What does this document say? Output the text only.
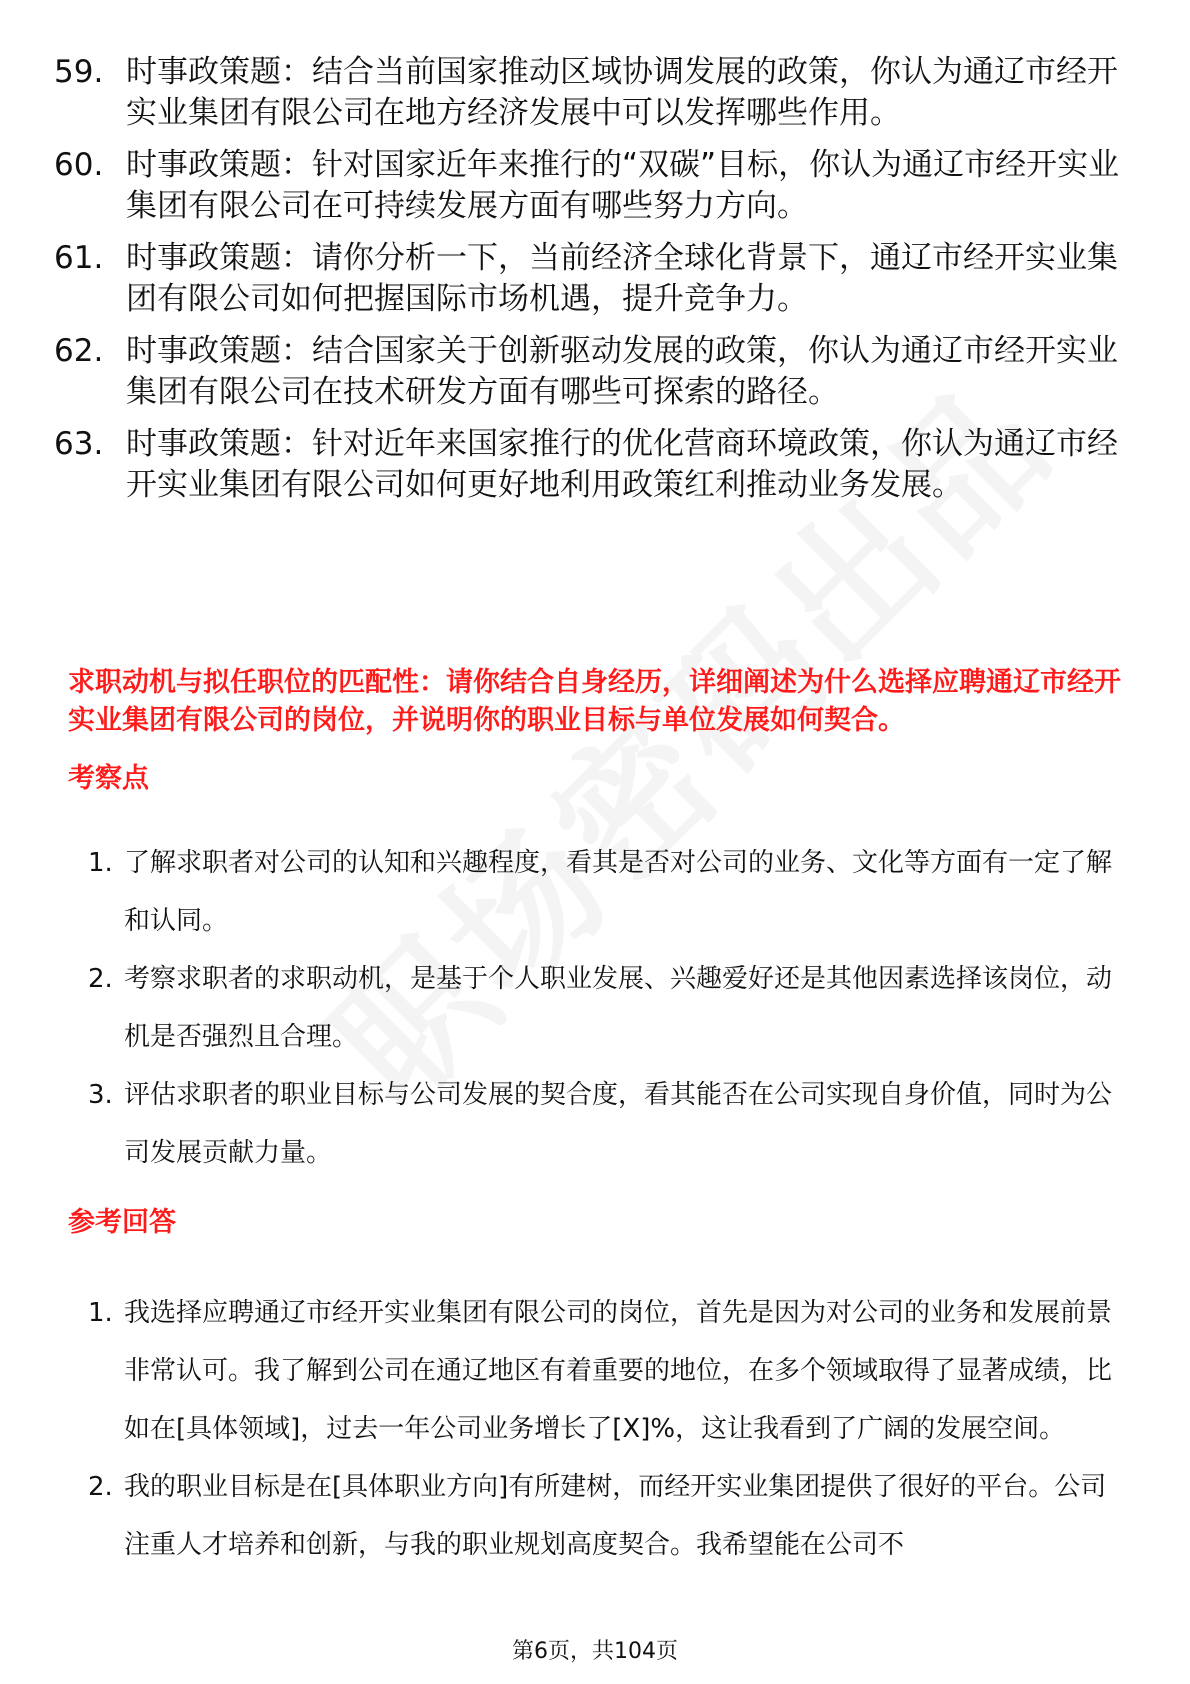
59. 时事政策题：结合当前国家推动区域协调发展的政策，你认为通辽市经开实业集团有限公司在地方经济发展中可以发挥哪些作用。
60. 时事政策题：针对国家近年来推行的“双碳”目标，你认为通辽市经开实业集团有限公司在可持续发展方面有哪些努力方向。
61. 时事政策题：请你分析一下，当前经济全球化背景下，通辽市经开实业集团有限公司如何把握国际市场机遇，提升竞争力。
62. 时事政策题：结合国家关于创新驱动发展的政策，你认为通辽市经开实业集团有限公司在技术研发方面有哪些可探索的路径。
63. 时事政策题：针对近年来国家推行的优化营商环境政策，你认为通辽市经开实业集团有限公司如何更好地利用政策红利推动业务发展。
求职动机与拟任职位的匹配性：请你结合自身经历，详细阐述为什么选择应聘通辽市经开实业集团有限公司的岗位，并说明你的职业目标与单位发展如何契合。
考察点
1. 了解求职者对公司的认知和兴趣程度，看其是否对公司的业务、文化等方面有一定了解和认同。
2. 考察求职者的求职动机，是基于个人职业发展、兴趣爱好还是其他因素选择该岗位，动机是否强烈且合理。
3. 评估求职者的职业目标与公司发展的契合度，看其能否在公司实现自身价值，同时为公司发展贡献力量。
参考回答
1. 我选择应聘通辽市经开实业集团有限公司的岗位，首先是因为对公司的业务和发展前景非常认可。我了解到公司在通辽地区有着重要的地位，在多个领域取得了显著成绩，比如在[具体领域]，过去一年公司业务增长了[X]%，这让我看到了广阔的发展空间。
2. 我的职业目标是在[具体职业方向]有所建树，而经开实业集团提供了很好的平台。公司注重人才培养和创新，与我的职业规划高度契合。我希望能在公司不
第6页，共104页
